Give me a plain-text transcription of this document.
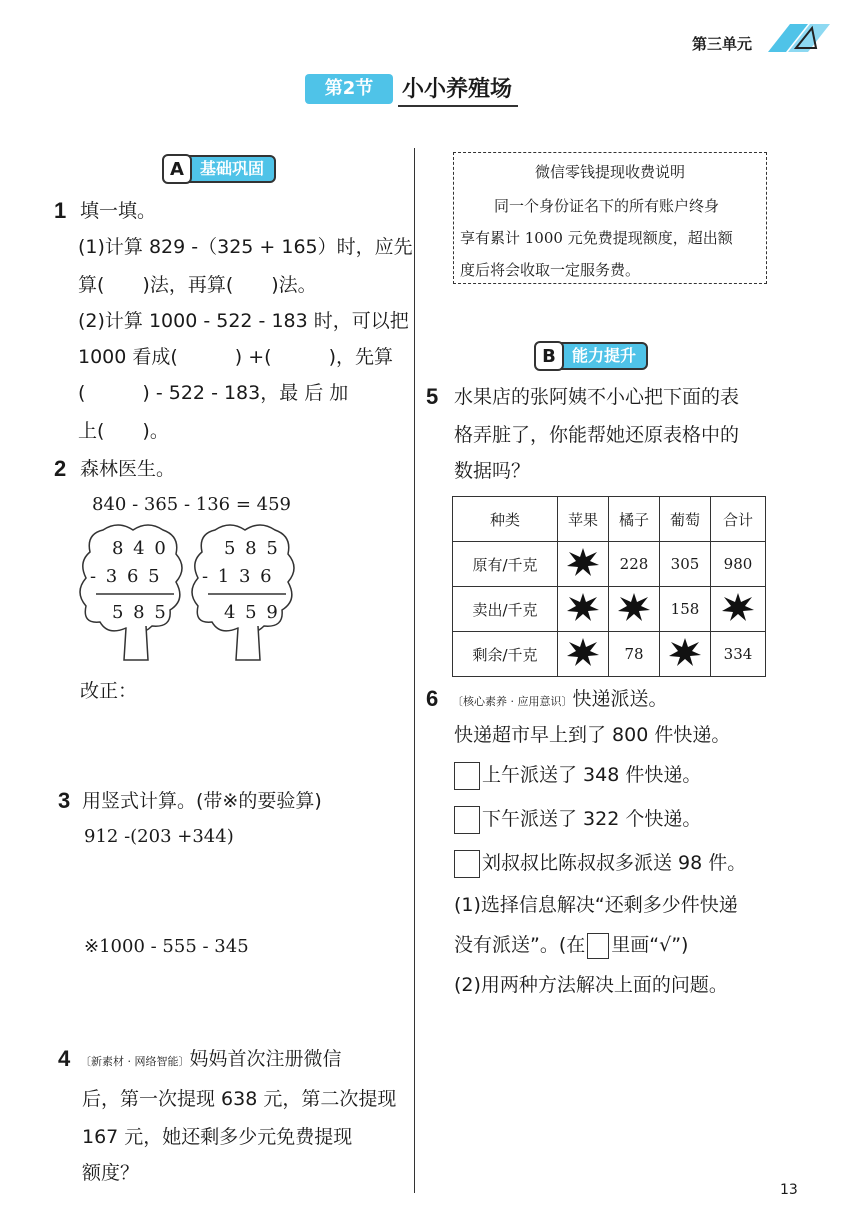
第三单元
第2节	小小养殖场
A	基础巩固
1 填一填。
(1)计算 829 -（325 + 165）时，应先
算(　　)法，再算(　　)法。
(2)计算 1000 - 522 - 183 时，可以把
1000 看成(　　　) +(　　　)，先算
(　　　) - 522 - 183，最 后 加
上(　　)。
2 森林医生。
840 - 365 - 136 = 459
8 4 0
- 3 6 5
5 8 5
5 8 5
- 1 3 6
4 5 9
改正：
3 用竖式计算。(带※的要验算)
912 -(203 +344)
※1000 - 555 - 345
4 〔新素材 · 网络智能〕妈妈首次注册微信
后，第一次提现 638 元，第二次提现
167 元，她还剩多少元免费提现
额度？
微信零钱提现收费说明
同一个身份证名下的所有账户终身
享有累计 1000 元免费提现额度，超出额
度后将会收取一定服务费。
B	能力提升
5 水果店的张阿姨不小心把下面的表
格弄脏了，你能帮她还原表格中的
数据吗？
种类	苹果	橘子	葡萄	合计
原有/千克		228	305	980
卖出/千克			158	
剩余/千克		78		334
6 〔核心素养 · 应用意识〕快递派送。
快递超市早上到了 800 件快递。
上午派送了 348 件快递。
下午派送了 322 个快递。
刘叔叔比陈叔叔多派送 98 件。
(1)选择信息解决“还剩多少件快递
没有派送”。(在 里画“√”)
(2)用两种方法解决上面的问题。
13
